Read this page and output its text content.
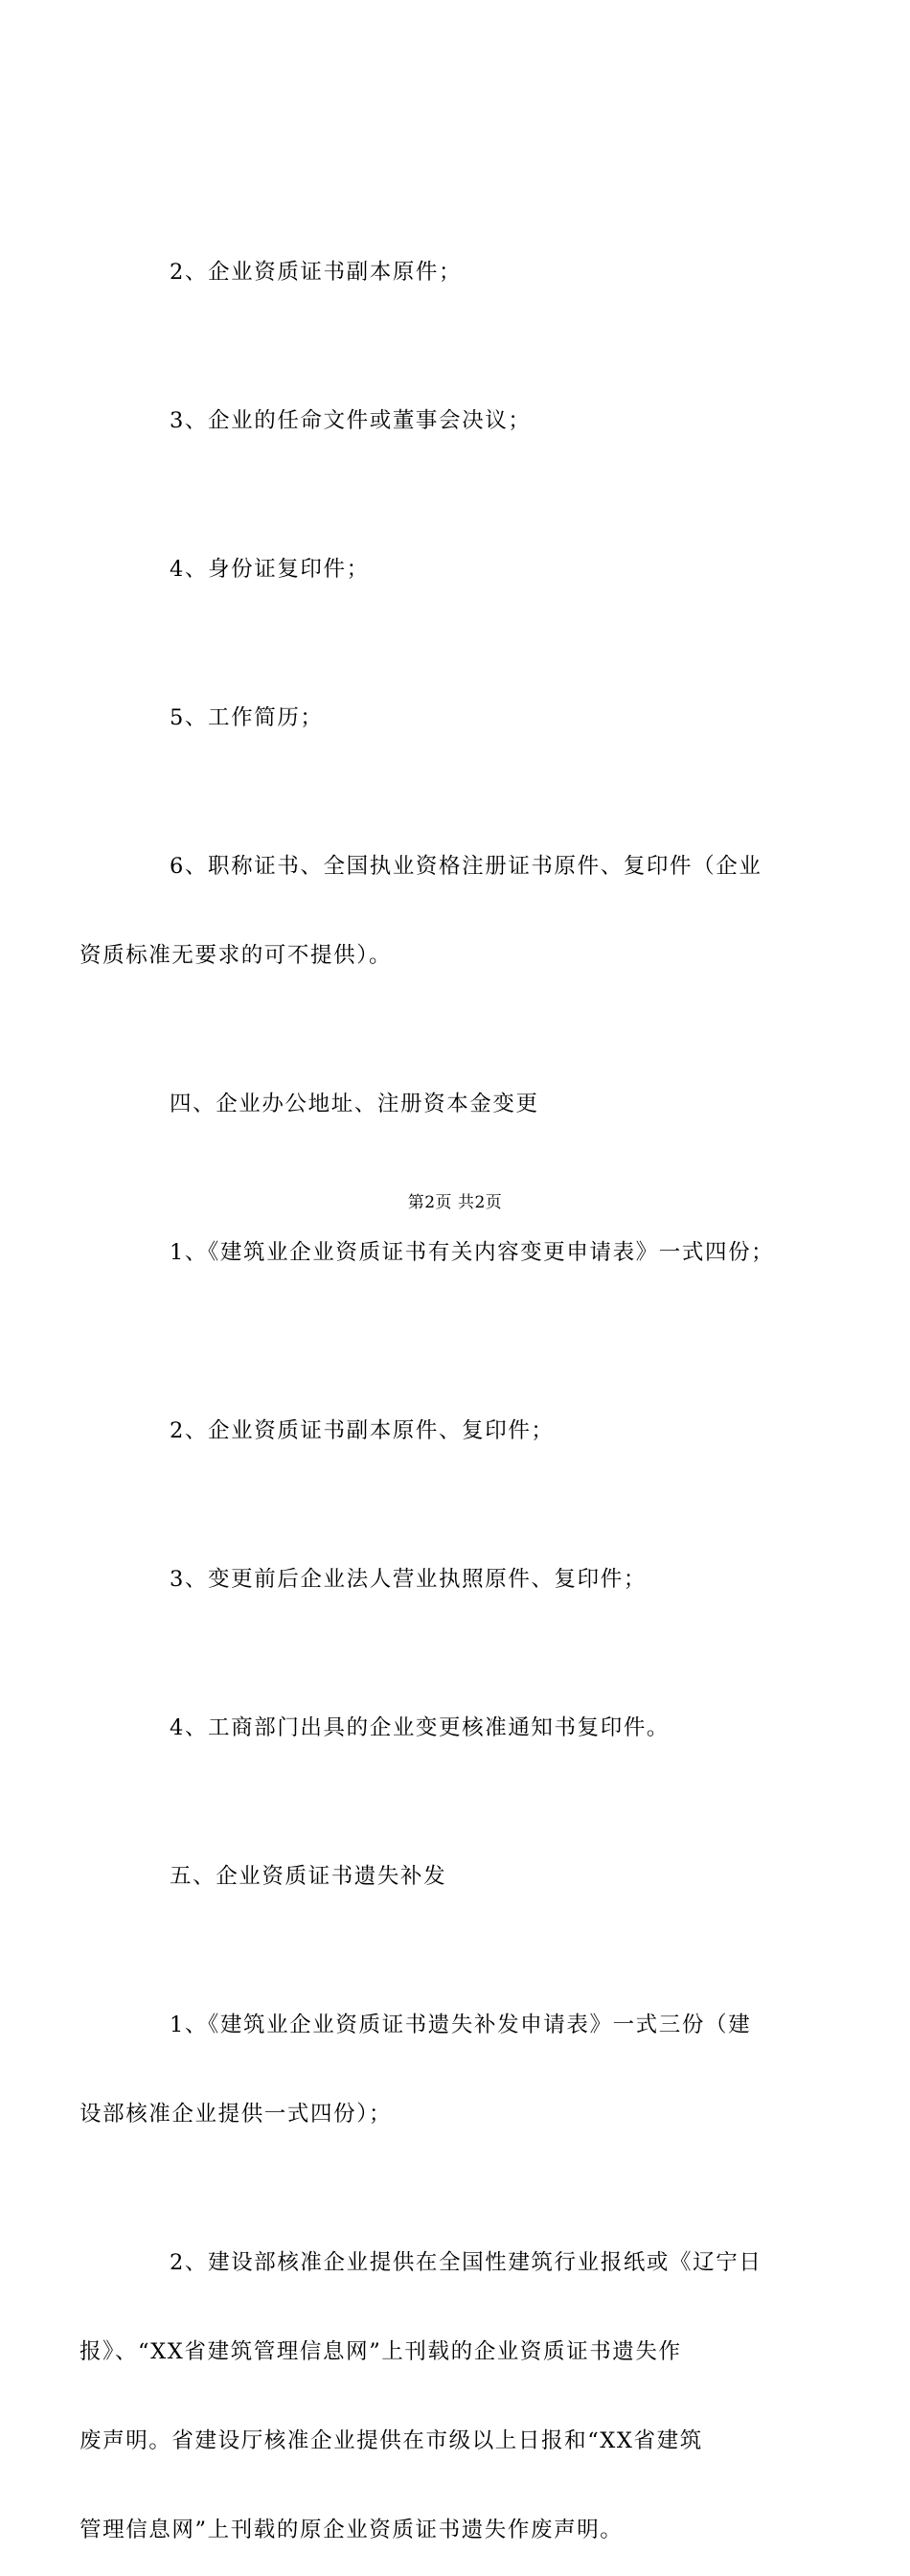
2、企业资质证书副本原件；

3、企业的任命文件或董事会决议；

4、身份证复印件；

5、工作简历；

6、职称证书、全国执业资格注册证书原件、复印件（企业

资质标准无要求的可不提供）。

四、企业办公地址、注册资本金变更

1、《建筑业企业资质证书有关内容变更申请表》一式四份；

2、企业资质证书副本原件、复印件；

3、变更前后企业法人营业执照原件、复印件；

4、工商部门出具的企业变更核准通知书复印件。

五、企业资质证书遗失补发

1、《建筑业企业资质证书遗失补发申请表》一式三份（建

设部核准企业提供一式四份）；

2、建设部核准企业提供在全国性建筑行业报纸或《辽宁日

报》、“XX省建筑管理信息网”上刊载的企业资质证书遗失作

废声明。省建设厅核准企业提供在市级以上日报和“XX省建筑

管理信息网”上刊载的原企业资质证书遗失作废声明。

第2页 共2页
